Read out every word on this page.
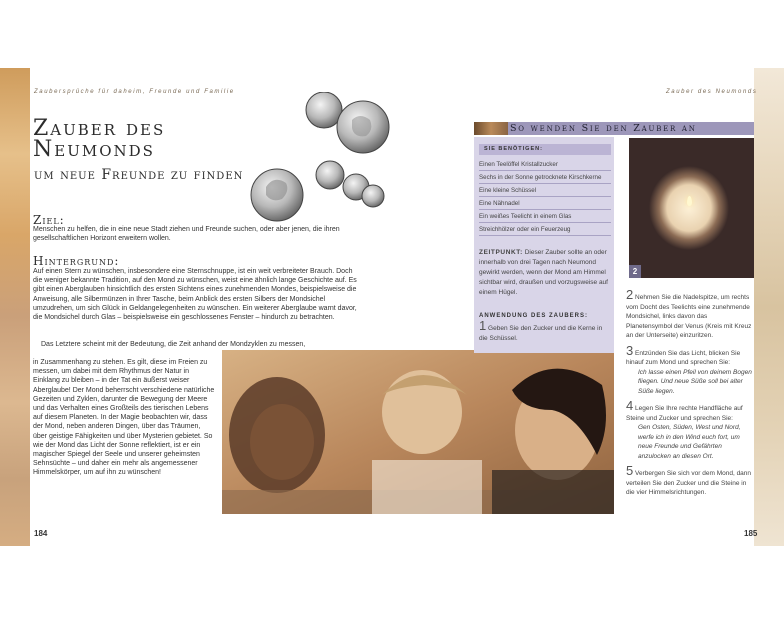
Zaubersprüche für daheim, Freunde und Familie	Zauber des Neumonds
Zauber des Neumonds
um neue Freunde zu finden
Ziel:
Menschen zu helfen, die in eine neue Stadt ziehen und Freunde suchen, oder aber jenen, die ihren gesellschaftlichen Horizont erweitern wollen.
Hintergrund:
Auf einen Stern zu wünschen, insbesondere eine Sternschnuppe, ist ein weit verbreiteter Brauch. Doch die weniger bekannte Tradition, auf den Mond zu wünschen, weist eine ähnlich lange Geschichte auf. Es gibt einen Aberglauben hinsichtlich des ersten Sichtens eines zunehmenden Mondes, beispielsweise die Anweisung, alle Silbermünzen in Ihrer Tasche, beim Anblick des ersten Silbers der Mondsichel umzudrehen, um sich Glück in Geldangelegenheiten zu wünschen. Ein weiterer Aberglaube warnt davor, die Mondsichel durch Glas – beispielsweise ein geschlossenes Fenster – hindurch zu betrachten.
Das Letztere scheint mit der Bedeutung, die Zeit anhand der Mondzyklen zu messen,
in Zusammenhang zu stehen. Es gilt, diese im Freien zu messen, um dabei mit dem Rhythmus der Natur in Einklang zu bleiben – in der Tat ein äußerst weiser Aberglaube! Der Mond beherrscht verschiedene natürliche Gezeiten und Zyklen, darunter die Bewegung der Meere und das Verhalten eines Großteils des tierischen Lebens auf diesem Planeten. In der Magie beobachten wir, dass der Mond, neben anderen Dingen, über das Träumen, über geistige Fähigkeiten und über Mysterien gebietet. So wie der Mond das Licht der Sonne reflektiert, ist er ein magischer Spiegel der Seele und unserer geheimsten Sehnsüchte – und daher ein mehr als angemessener Himmelskörper, um auf ihn zu wünschen!
184	185
So wenden Sie den Zauber an
SIE BENÖTIGEN:
Einen Teelöffel Kristallzucker
Sechs in der Sonne getrocknete Kirschkerne
Eine kleine Schüssel
Eine Nähnadel
Ein weißes Teelicht in einem Glas
Streichhölzer oder ein Feuerzeug
ZEITPUNKT: Dieser Zauber sollte an oder innerhalb von drei Tagen nach Neumond gewirkt werden, wenn der Mond am Himmel sichtbar wird, draußen und vorzugsweise auf einem Hügel.
ANWENDUNG DES ZAUBERS:
1 Geben Sie den Zucker und die Kerne in die Schüssel.
2
2 Nehmen Sie die Nadelspitze, um rechts vom Docht des Teelichts eine zunehmende Mondsichel, links davon das Planetensymbol der Venus (Kreis mit Kreuz an der Unterseite) einzuritzen.
3 Entzünden Sie das Licht, blicken Sie hinauf zum Mond und sprechen Sie:
Ich lasse einen Pfeil von deinem Bogen fliegen. Und neue Süße soll bei alter Süße liegen.
4 Legen Sie Ihre rechte Handfläche auf Steine und Zucker und sprechen Sie:
Gen Osten, Süden, West und Nord, werfe ich in den Wind euch fort, um neue Freunde und Gefährten anzulocken an diesen Ort.
5 Verbergen Sie sich vor dem Mond, dann verteilen Sie den Zucker und die Steine in die vier Himmelsrichtungen.
